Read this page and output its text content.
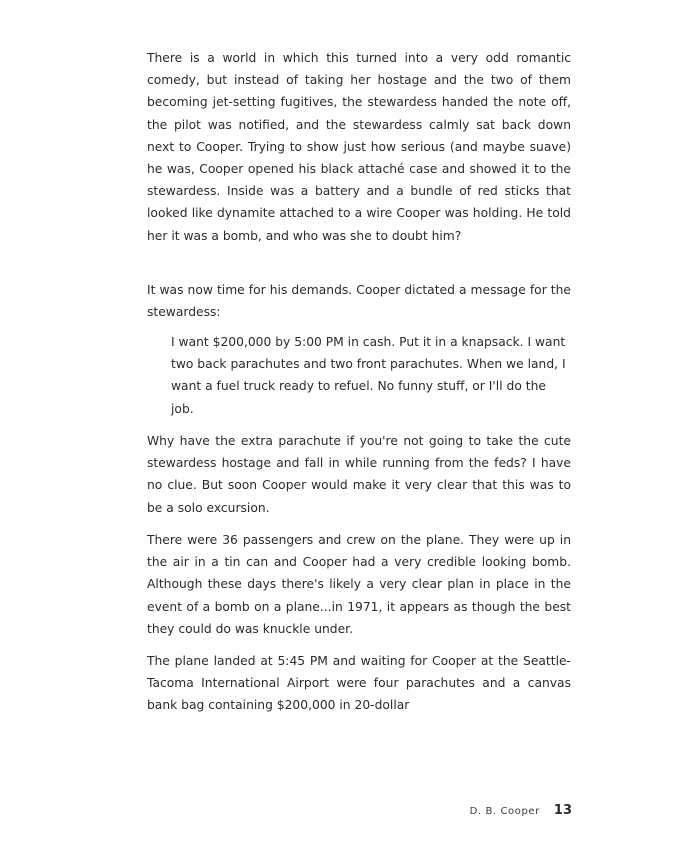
There is a world in which this turned into a very odd romantic comedy, but instead of taking her hostage and the two of them becoming jet-setting fugitives, the stewardess handed the note off, the pilot was notified, and the stewardess calmly sat back down next to Cooper. Trying to show just how serious (and maybe suave) he was, Cooper opened his black attaché case and showed it to the stewardess. Inside was a battery and a bundle of red sticks that looked like dynamite attached to a wire Cooper was holding. He told her it was a bomb, and who was she to doubt him?

It was now time for his demands. Cooper dictated a message for the stewardess:

I want $200,000 by 5:00 PM in cash. Put it in a knapsack. I want two back parachutes and two front parachutes. When we land, I want a fuel truck ready to refuel. No funny stuff, or I'll do the job.

Why have the extra parachute if you're not going to take the cute stewardess hostage and fall in while running from the feds? I have no clue. But soon Cooper would make it very clear that this was to be a solo excursion.

There were 36 passengers and crew on the plane. They were up in the air in a tin can and Cooper had a very credible looking bomb. Although these days there's likely a very clear plan in place in the event of a bomb on a plane...in 1971, it appears as though the best they could do was knuckle under.

The plane landed at 5:45 PM and waiting for Cooper at the Seattle-Tacoma International Airport were four parachutes and a canvas bank bag containing $200,000 in 20-dollar

D. B. Cooper 13
